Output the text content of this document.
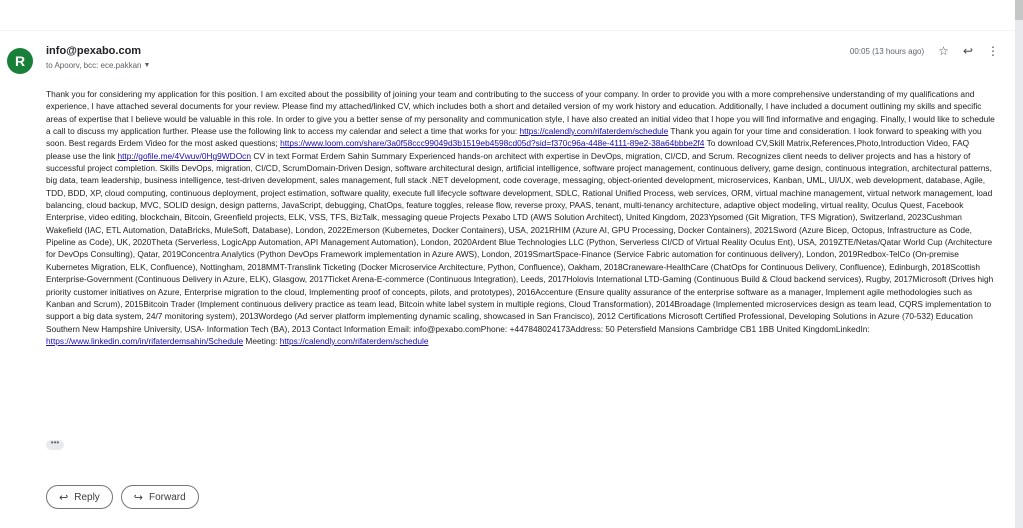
R
info@pexabo.com
to Apoorv, bcc: ece.pakkan ▼
00:05 (13 hours ago) ☆ ↩ ⋮
Thank you for considering my application for this position. I am excited about the possibility of joining your team and contributing to the success of your company. In order to provide you with a more comprehensive understanding of my qualifications and experience, I have attached several documents for your review. Please find my attached/linked CV, which includes both a short and detailed version of my work history and education. Additionally, I have included a document outlining my skills and specific areas of expertise that I believe would be valuable in this role. In order to give you a better sense of my personality and communication style, I have also created an initial video that I hope you will find informative and engaging. Finally, I would like to schedule a call to discuss my application further. Please use the following link to access my calendar and select a time that works for you: https://calendly.com/rifaterdem/schedule Thank you again for your time and consideration. I look forward to speaking with you soon. Best regards Erdem Video for the most asked questions; https://www.loom.com/share/3a0f58ccc99049d3b1519eb4598cd05d?sid=f370c96a-448e-4111-89e2-38a64bbbe2f4 To download CV,Skill Matrix,References,Photo,Introduction Video, FAQ please use the link http://gofile.me/4Vwuv/0Hg9WDOcn CV in text Format Erdem Sahin Summary Experienced hands-on architect with expertise in DevOps, migration, CI/CD, and Scrum. Recognizes client needs to deliver projects and has a history of successful project completion. Skills DevOps, migration, CI/CD, ScrumDomain-Driven Design, software architectural design, artificial intelligence, software project management, continuous delivery, game design, continuous integration, architectural patterns, big data, team leadership, business intelligence, test-driven development, sales management, full stack .NET development, code coverage, messaging, object-oriented development, microservices, Kanban, UML, UI/UX, web development, database, Agile, TDD, BDD, XP, cloud computing, continuous deployment, project estimation, software quality, execute full lifecycle software development, SDLC, Rational Unified Process, web services, ORM, virtual machine management, virtual network management, load balancing, cloud backup, MVC, SOLID design, design patterns, JavaScript, debugging, ChatOps, feature toggles, release flow, reverse proxy, PAAS, tenant, multi-tenancy architecture, adaptive object modeling, virtual reality, Oculus Quest, Facebook Enterprise, video editing, blockchain, Bitcoin, Greenfield projects, ELK, VSS, TFS, BizTalk, messaging queue Projects Pexabo LTD (AWS Solution Architect), United Kingdom, 2023Ypsomed (Git Migration, TFS Migration), Switzerland, 2023Cushman Wakefield (IAC, ETL Automation, DataBricks, MuleSoft, Database), London, 2022Emerson (Kubernetes, Docker Containers), USA, 2021RHIM (Azure AI, GPU Processing, Docker Containers), 2021Sword (Azure Bicep, Octopus, Infrastructure as Code, Pipeline as Code), UK, 2020Theta (Serverless, LogicApp Automation, API Management Automation), London, 2020Ardent Blue Technologies LLC (Python, Serverless CI/CD of Virtual Reality Oculus Ent), USA, 2019ZTE/Netas/Qatar World Cup (Architecture for DevOps Consulting), Qatar, 2019Concentra Analytics (Python DevOps Framework implementation in Azure AWS), London, 2019SmartSpace-Finance (Service Fabric automation for continuous delivery), London, 2019Redbox-TelCo (On-premise Kubernetes Migration, ELK, Confluence), Nottingham, 2018MMT-Translink Ticketing (Docker Microservice Architecture, Python, Confluence), Oakham, 2018Craneware-HealthCare (ChatOps for Continuous Delivery, Confluence), Edinburgh, 2018Scottish Enterprise-Government (Continuous Delivery in Azure, ELK), Glasgow, 2017Ticket Arena-E-commerce (Continuous Integration), Leeds, 2017Holovis International LTD-Gaming (Continuous Build & Cloud backend services), Rugby, 2017Microsoft (Drives high priority customer initiatives on Azure, Enterprise migration to the cloud, Implementing proof of concepts, pilots, and prototypes), 2016Accenture (Ensure quality assurance of the enterprise software as a manager, Implement agile methodologies such as Kanban and Scrum), 2015Bitcoin Trader (Implement continuous delivery practice as team lead, Bitcoin white label system in multiple regions, Cloud Transformation), 2014Broadage (Implemented microservices design as team lead, CQRS implementation to support a big data system, 24/7 monitoring system), 2013Wordego (Ad server platform implementing dynamic scaling, showcased in San Francisco), 2012 Certifications Microsoft Certified Professional, Developing Solutions in Azure (70-532) Education Southern New Hampshire University, USA- Information Tech (BA), 2013 Contact Information Email: info@pexabo.comPhone: +447848024173Address: 50 Petersfield Mansions Cambridge CB1 1BB United KingdomLinkedIn: https://www.linkedin.com/in/rifaterdemsahin/Schedule Meeting: https://calendly.com/rifaterdem/schedule
•••
↩ Reply	↪ Forward
